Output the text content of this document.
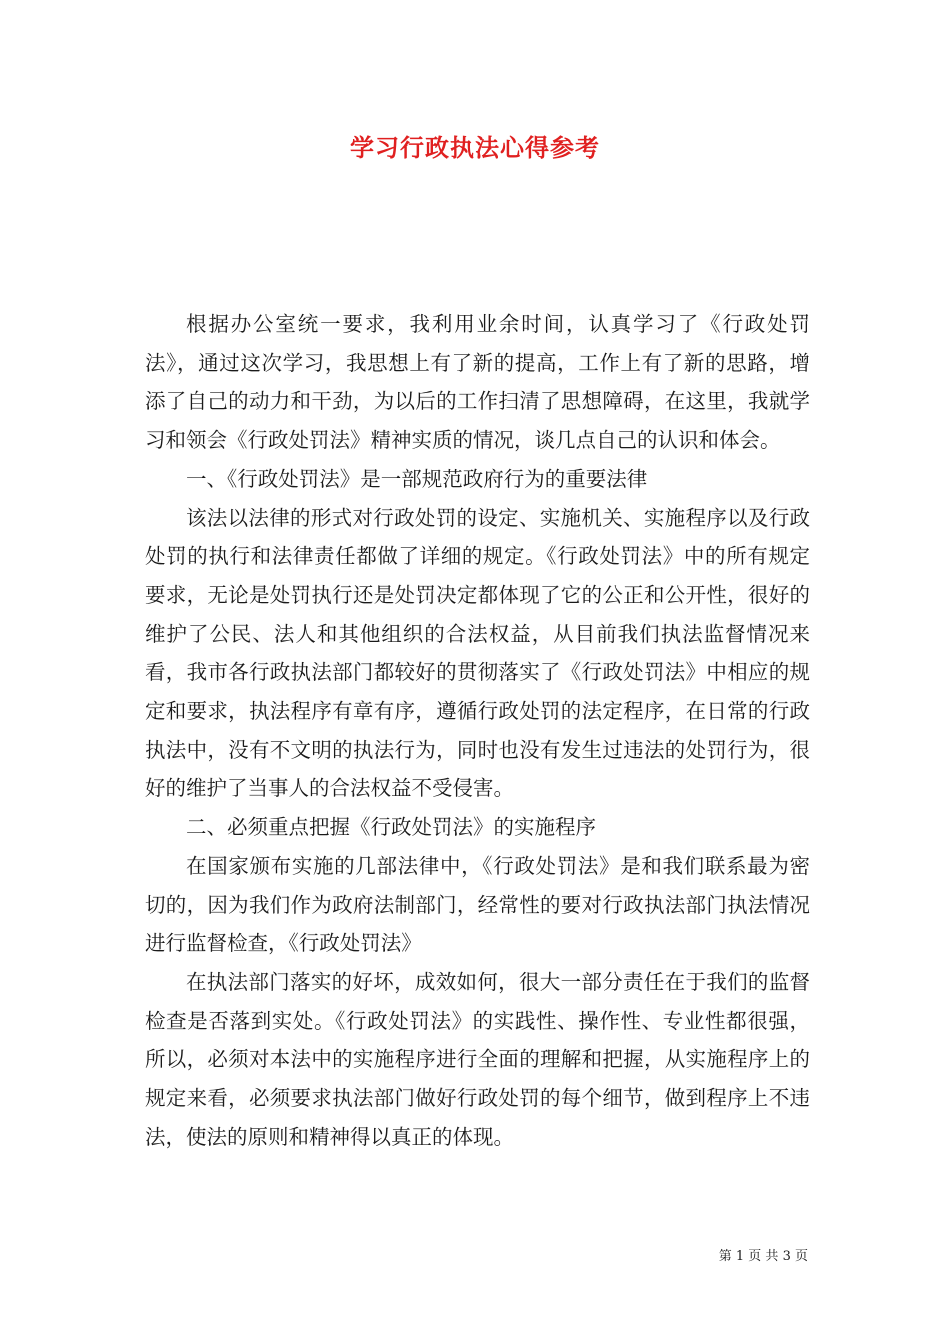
学习行政执法心得参考

根据办公室统一要求，我利用业余时间，认真学习了《行政处罚法》，通过这次学习，我思想上有了新的提高，工作上有了新的思路，增添了自己的动力和干劲，为以后的工作扫清了思想障碍，在这里，我就学习和领会《行政处罚法》精神实质的情况，谈几点自己的认识和体会。

一、《行政处罚法》是一部规范政府行为的重要法律

该法以法律的形式对行政处罚的设定、实施机关、实施程序以及行政处罚的执行和法律责任都做了详细的规定。《行政处罚法》中的所有规定要求，无论是处罚执行还是处罚决定都体现了它的公正和公开性，很好的维护了公民、法人和其他组织的合法权益，从目前我们执法监督情况来看，我市各行政执法部门都较好的贯彻落实了《行政处罚法》中相应的规定和要求，执法程序有章有序，遵循行政处罚的法定程序，在日常的行政执法中，没有不文明的执法行为，同时也没有发生过违法的处罚行为，很好的维护了当事人的合法权益不受侵害。

二、必须重点把握《行政处罚法》的实施程序

在国家颁布实施的几部法律中，《行政处罚法》是和我们联系最为密切的，因为我们作为政府法制部门，经常性的要对行政执法部门执法情况进行监督检查，《行政处罚法》

在执法部门落实的好坏，成效如何，很大一部分责任在于我们的监督检查是否落到实处。《行政处罚法》的实践性、操作性、专业性都很强，所以，必须对本法中的实施程序进行全面的理解和把握，从实施程序上的规定来看，必须要求执法部门做好行政处罚的每个细节，做到程序上不违法，使法的原则和精神得以真正的体现。

第 1 页 共 3 页
